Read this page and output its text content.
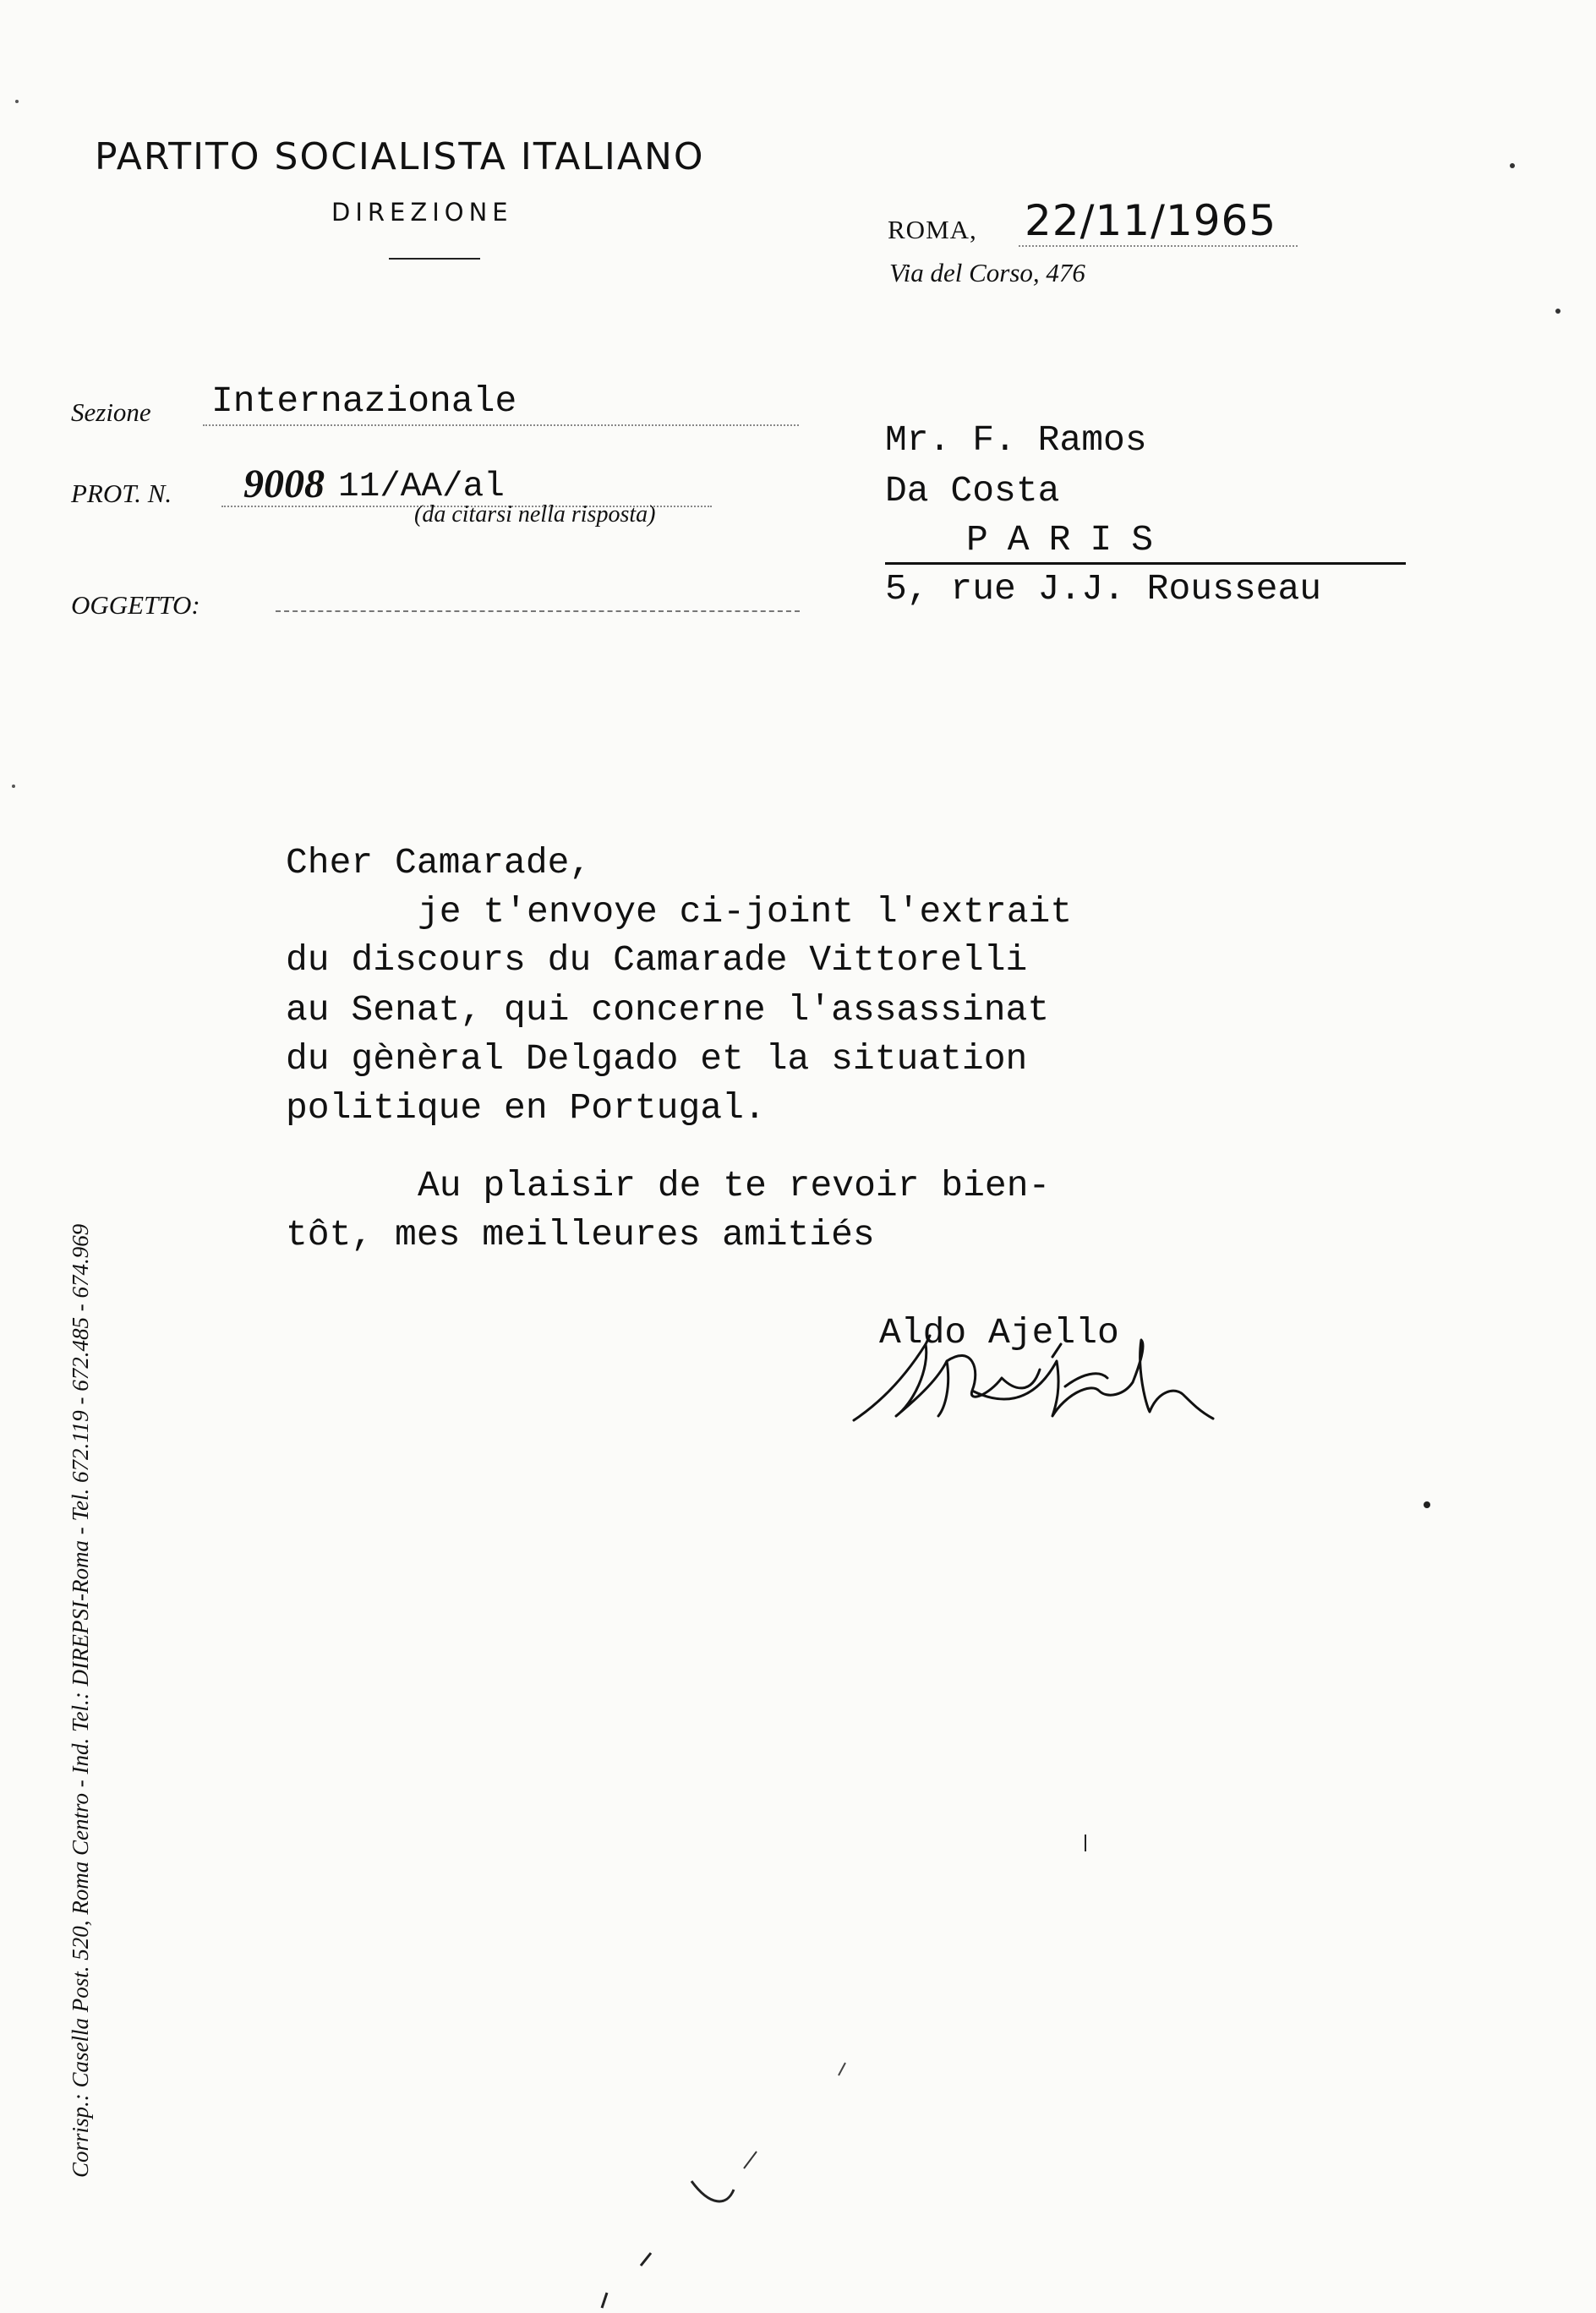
PARTITO SOCIALISTA ITALIANO
DIREZIONE
ROMA, 22/11/1965
Via del Corso, 476
Sezione Internazionale
PROT. N. 9008 11/AA/al
(da citarsi nella risposta)
OGGETTO:
Mr. F. Ramos
Da Costa
PARIS
5, rue J.J. Rousseau
Corrisp.: Casella Post. 520, Roma Centro - Ind. Tel.: DIREPSI-Roma - Tel. 672.119 - 672.485 - 674.969
Cher Camarade,
je t'envoye ci-joint l'extrait
du discours du Camarade Vittorelli
au Senat, qui concerne l'assassinat
du gènèral Delgado et la situation
politique en Portugal.
Au plaisir de te revoir bien-
tôt, mes meilleures amitiés
Aldo Ajello
